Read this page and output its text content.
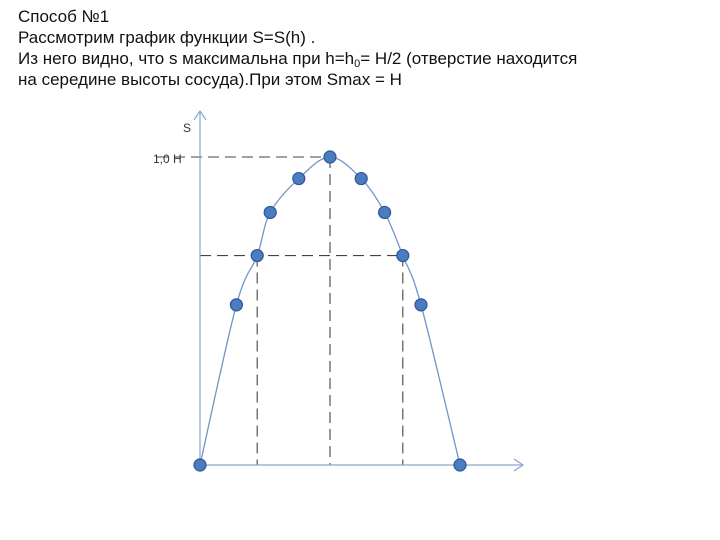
Способ №1
Рассмотрим график функции S=S(h) .
Из него видно, что s максимальна при $h=h_0= H/2$ (отверстие находится
на середине высоты сосуда).При этом Smax = H
S
1,0 H
